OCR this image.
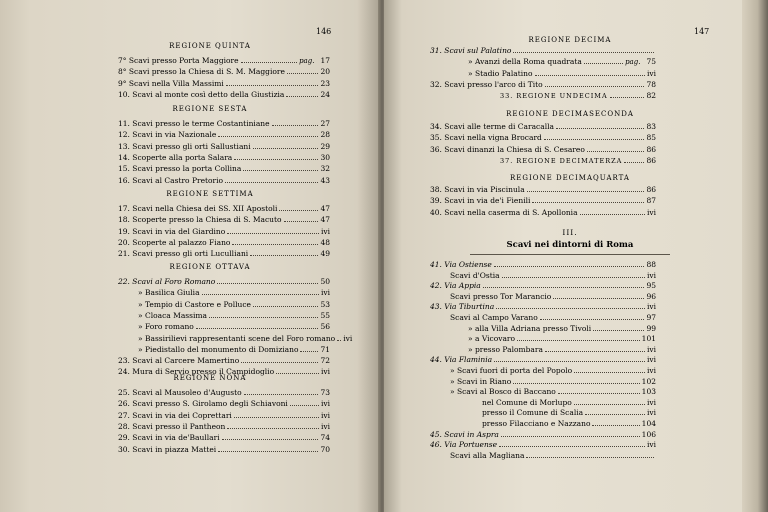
146
REGIONE QUINTA
7° Scavi presso Porta Maggiore	pag. 17
8° Scavi presso la Chiesa di S. M. Maggiore	20
9° Scavi nella Villa Massimi	23
10. Scavi al monte così detto della Giustizia	24
REGIONE SESTA
11. Scavi presso le terme Costantiniane	27
12. Scavi in via Nazionale	28
13. Scavi presso gli orti Sallustiani	29
14. Scoperte alla porta Salara	30
15. Scavi presso la porta Collina	32
16. Scavi al Castro Pretorio	43
REGIONE SETTIMA
17. Scavi nella Chiesa dei SS. XII Apostoli	47
18. Scoperte presso la Chiesa di S. Macuto	47
19. Scavi in via del Giardino	ivi
20. Scoperte al palazzo Fiano	48
21. Scavi presso gli orti Luculliani	49
REGIONE OTTAVA
22. Scavi al Foro Romano	50
» Basilica Giulia	ivi
» Tempio di Castore e Polluce	53
» Cloaca Massima	55
» Foro romano	56
» Bassirilievi rappresentanti scene del Foro romano ivi
» Piedistallo del monumento di Domiziano	71
23. Scavi al Carcere Mamertino	72
24. Mura di Servio presso il Campidoglio	ivi
REGIONE NONA
25. Scavi al Mausoleo d'Augusto	73
26. Scavi presso S. Girolamo degli Schiavoni	ivi
27. Scavi in via dei Coprettari	ivi
28. Scavi presso il Pantheon	ivi
29. Scavi in via de'Baullari	74
30. Scavi in piazza Mattei	70
147
REGIONE DECIMA
31. Scavi sul Palatino
» Avanzi della Roma quadrata	pag. 75
» Stadio Palatino	ivi
32. Scavi presso l'arco di Tito	78
33. REGIONE UNDECIMA	82
REGIONE DECIMASECONDA
34. Scavi alle terme di Caracalla	83
35. Scavi nella vigna Brocard	85
36. Scavi dinanzi la Chiesa di S. Cesareo	86
37. REGIONE DECIMATERZA	86
REGIONE DECIMAQUARTA
38. Scavi in via Piscinula	86
39. Scavi in via de'i Fienili	87
40. Scavi nella caserma di S. Apollonia	ivi
III.
Scavi nei dintorni di Roma
41. Via Ostiense	88
Scavi d'Ostia	ivi
42. Via Appia	95
Scavi presso Tor Marancio	96
43. Via Tiburtina	ivi
Scavi al Campo Varano	97
» alla Villa Adriana presso Tivoli	99
» a Vicovaro	101
» presso Palombara	ivi
44. Via Flaminia	ivi
» Scavi fuori di porta del Popolo	ivi
» Scavi in Riano	102
» Scavi al Bosco di Baccano	103
nel Comune di Morlupo	ivi
presso il Comune di Scalia	ivi
presso Filacciano e Nazzano	104
45. Scavi in Aspra	106
46. Via Portuense	ivi
Scavi alla Magliana
